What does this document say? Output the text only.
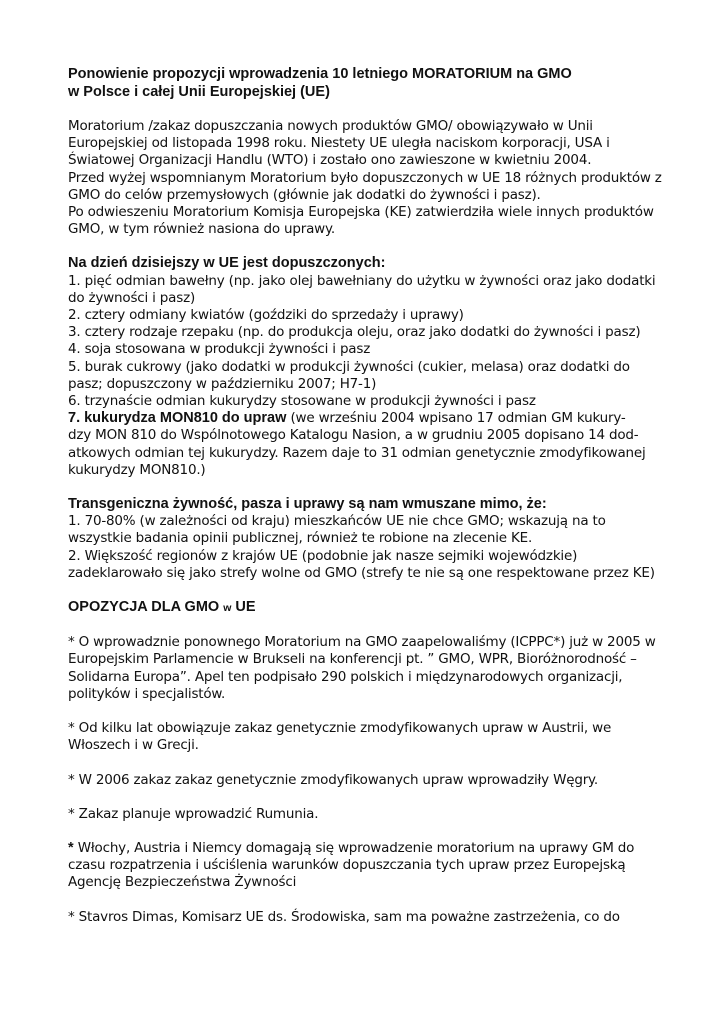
Ponowienie propozycji wprowadzenia 10 letniego MORATORIUM na GMO
w Polsce i całej Unii Europejskiej (UE)
Moratorium /zakaz dopuszczania nowych produktów GMO/ obowiązywało w Unii
Europejskiej od listopada 1998 roku. Niestety UE uległa naciskom korporacji, USA i
Światowej Organizacji Handlu (WTO) i zostało ono zawieszone w kwietniu 2004.
Przed wyżej wspomnianym Moratorium było dopuszczonych w UE 18 różnych produktów z
GMO do celów przemysłowych (głównie jak dodatki do żywności i pasz).
Po odwieszeniu Moratorium Komisja Europejska (KE) zatwierdziła wiele innych produktów
GMO, w tym również nasiona do uprawy.
Na dzień dzisiejszy w UE jest dopuszczonych:
1. pięć odmian bawełny (np. jako olej bawełniany do użytku w żywności oraz jako dodatki
do żywności i pasz)
2. cztery odmiany kwiatów (goździki do sprzedaży i uprawy)
3. cztery rodzaje rzepaku (np. do produkcja oleju, oraz jako dodatki do żywności i pasz)
4. soja stosowana w produkcji żywności i pasz
5. burak cukrowy (jako dodatki w produkcji żywności (cukier, melasa) oraz dodatki do
pasz; dopuszczony w październiku 2007; H7-1)
6. trzynaście odmian kukurydzy stosowane w produkcji żywności i pasz
7. kukurydza MON810 do upraw (we wrześniu 2004 wpisano 17 odmian GM kukury-
dzy MON 810 do Wspólnotowego Katalogu Nasion, a w grudniu 2005 dopisano 14 dod-
atkowych odmian tej kukurydzy. Razem daje to 31 odmian genetycznie zmodyfikowanej
kukurydzy MON810.)
Transgeniczna żywność, pasza i uprawy są nam wmuszane mimo, że:
1. 70-80% (w zależności od kraju) mieszkańców UE nie chce GMO; wskazują na to
wszystkie badania opinii publicznej, również te robione na zlecenie KE.
2. Większość regionów z krajów UE (podobnie jak nasze sejmiki wojewódzkie)
zadeklarowało się jako strefy wolne od GMO (strefy te nie są one respektowane przez KE)
OPOZYCJA DLA GMO w UE
* O wprowadznie ponownego Moratorium na GMO zaapelowaliśmy (ICPPC*) już w 2005 w
Europejskim Parlamencie w Brukseli na konferencji pt. ” GMO, WPR, Bioróżnorodność –
Solidarna Europa”. Apel ten podpisało 290 polskich i międzynarodowych organizacji,
polityków i specjalistów.
* Od kilku lat obowiązuje zakaz genetycznie zmodyfikowanych upraw w Austrii, we
Włoszech i w Grecji.
* W 2006 zakaz zakaz genetycznie zmodyfikowanych upraw wprowadziły Węgry.
* Zakaz planuje wprowadzić Rumunia.
* Włochy, Austria i Niemcy domagają się wprowadzenie moratorium na uprawy GM do
czasu rozpatrzenia i uściślenia warunków dopuszczania tych upraw przez Europejską
Agencję Bezpieczeństwa Żywności
* Stavros Dimas, Komisarz UE ds. Środowiska, sam ma poważne zastrzeżenia, co do
